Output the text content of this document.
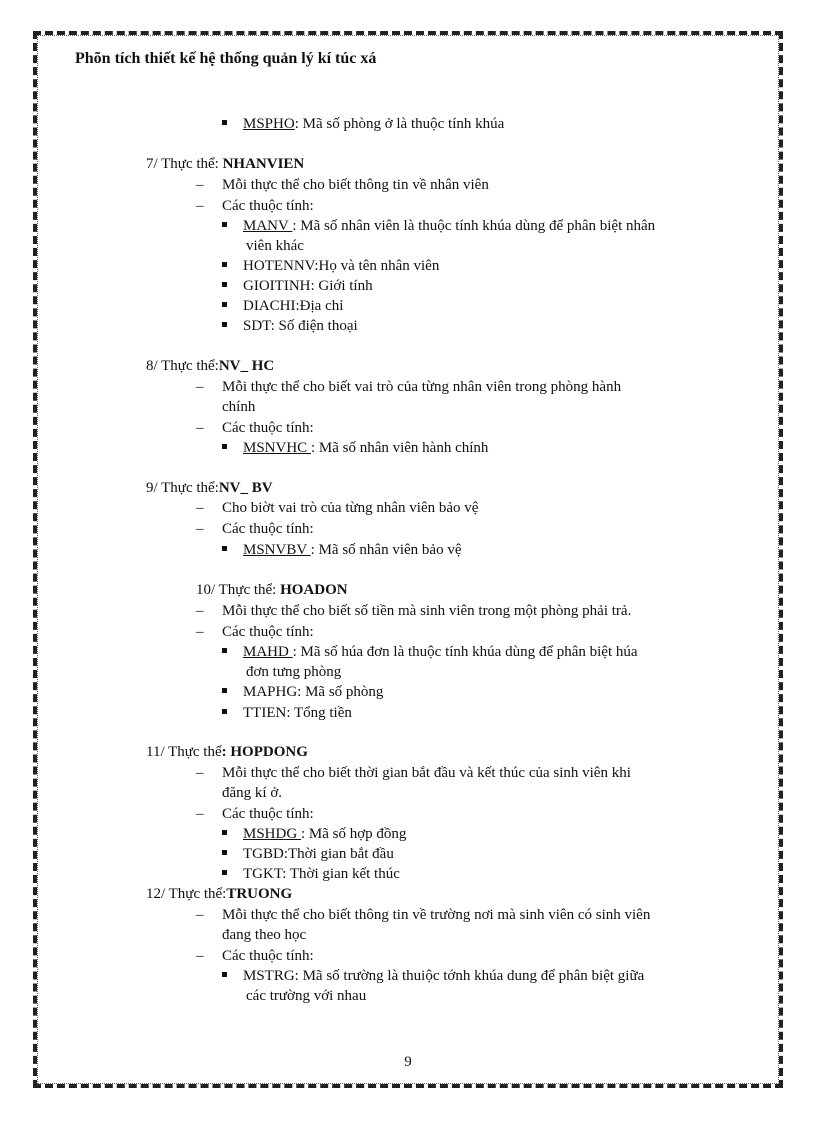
Phõn tích thiết kế hệ thống quản lý kí túc xá
MSPHO: Mã số phòng ở là thuộc tính khúa
7/ Thực thể: NHANVIEN
– Mỗi thực thể cho biết thông tin về nhân viên
– Các thuộc tính:
MANV : Mã số nhân viên là thuộc tính khúa dùng để phân biệt nhân
viên khác
HOTENNV:Họ và tên nhân viên
GIOITINH: Giới tính
DIACHI:Địa chỉ
SDT: Số điện thoại
8/ Thực thể:NV_ HC
– Mỗi thực thể cho biết vai trò của từng nhân viên trong phòng hành
chính
– Các thuộc tính:
MSNVHC : Mã số nhân viên hành chính
9/ Thực thể:NV_ BV
– Cho biờt vai trò của từng nhân viên bảo vệ
– Các thuộc tính:
MSNVBV : Mã số nhân viên bảo vệ
10/ Thực thể: HOADON
– Mỗi thực thể cho biết số tiền mà sinh viên trong một phòng phải trả.
– Các thuộc tính:
MAHD : Mã số húa đơn là thuộc tính khúa dùng để phân biệt húa
đơn tưng phòng
MAPHG: Mã số phòng
TTIEN: Tổng tiền
11/ Thực thể: HOPDONG
– Mỗi thực thể cho biết thời gian bắt đầu và kết thúc của sinh viên khi
đăng kí ở.
– Các thuộc tính:
MSHDG : Mã số hợp đồng
TGBD:Thời gian bắt đầu
TGKT: Thời gian kết thúc
12/ Thực thể:TRUONG
– Mỗi thực thể cho biết thông tin về trường nơi mà sinh viên có sinh viên
đang theo học
– Các thuộc tính:
MSTRG: Mã số trường là thuiộc tớnh khúa dung để phân biệt giữa
các trường với nhau
9
